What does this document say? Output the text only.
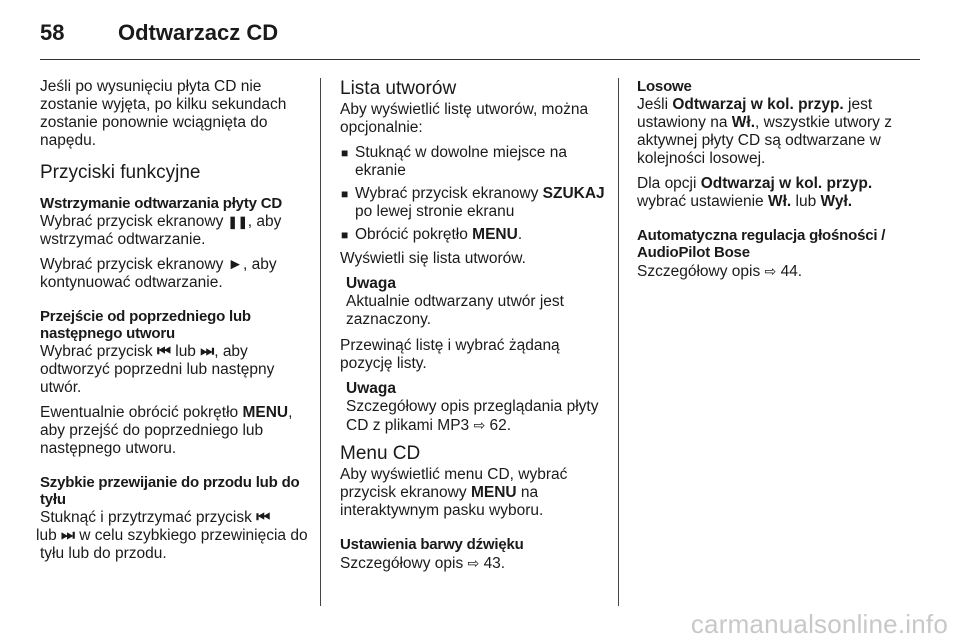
58 Odtwarzacz CD

Jeśli po wysunięciu płyta CD nie zostanie wyjęta, po kilku sekundach zostanie ponownie wciągnięta do napędu.

Przyciski funkcyjne
Wstrzymanie odtwarzania płyty CD

Wybrać przycisk ekranowy ❚❚, aby wstrzymać odtwarzanie.

Wybrać przycisk ekranowy ►, aby kontynuować odtwarzanie.

Przejście od poprzedniego lub następnego utworu

Wybrać przycisk ⏮ lub ⏭, aby odtworzyć poprzedni lub następny utwór.

Ewentualnie obrócić pokrętło MENU, aby przejść do poprzedniego lub następnego utworu.

Szybkie przewijanie do przodu lub do tyłu

Stuknąć i przytrzymać przycisk ⏮
lub ⏭ w celu szybkiego przewinięcia do tyłu lub do przodu.

Lista utworów

Aby wyświetlić listę utworów, można opcjonalnie:

■ Stuknąć w dowolne miejsce na ekranie
■ Wybrać przycisk ekranowy SZUKAJ po lewej stronie ekranu
■ Obrócić pokrętło MENU.

Wyświetli się lista utworów.

Uwaga
Aktualnie odtwarzany utwór jest zaznaczony.

Przewinąć listę i wybrać żądaną pozycję listy.

Uwaga
Szczegółowy opis przeglądania płyty CD z plikami MP3 ⇨ 62.
Menu CD

Aby wyświetlić menu CD, wybrać przycisk ekranowy MENU na interaktywnym pasku wyboru.

Ustawienia barwy dźwięku

Szczegółowy opis ⇨ 43.

Losowe

Jeśli Odtwarzaj w kol. przyp. jest ustawiony na Wł., wszystkie utwory z aktywnej płyty CD są odtwarzane w kolejności losowej.

Dla opcji Odtwarzaj w kol. przyp. wybrać ustawienie Wł. lub Wył.

Automatyczna regulacja głośności / AudioPilot Bose

Szczegółowy opis ⇨ 44.

carmanualsonline.info
